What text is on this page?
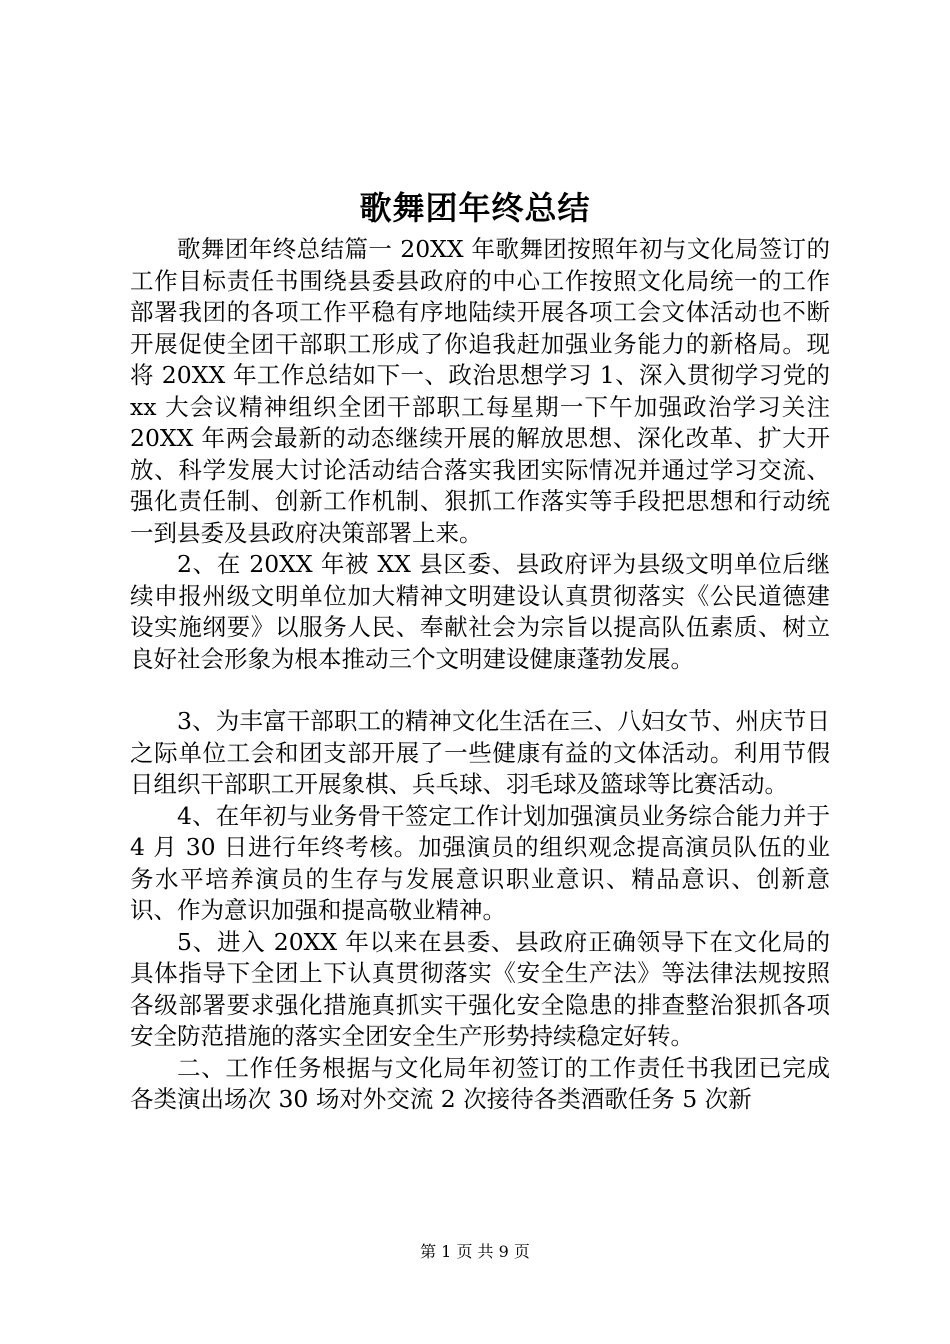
歌舞团年终总结

歌舞团年终总结篇一 20XX 年歌舞团按照年初与文化局签订的工作目标责任书围绕县委县政府的中心工作按照文化局统一的工作部署我团的各项工作平稳有序地陆续开展各项工会文体活动也不断开展促使全团干部职工形成了你追我赶加强业务能力的新格局。现将 20XX 年工作总结如下一、政治思想学习 1、深入贯彻学习党的 xx 大会议精神组织全团干部职工每星期一下午加强政治学习关注 20XX 年两会最新的动态继续开展的解放思想、深化改革、扩大开放、科学发展大讨论活动结合落实我团实际情况并通过学习交流、强化责任制、创新工作机制、狠抓工作落实等手段把思想和行动统一到县委及县政府决策部署上来。

2、在 20XX 年被 XX 县区委、县政府评为县级文明单位后继续申报州级文明单位加大精神文明建设认真贯彻落实《公民道德建设实施纲要》以服务人民、奉献社会为宗旨以提高队伍素质、树立良好社会形象为根本推动三个文明建设健康蓬勃发展。

3、为丰富干部职工的精神文化生活在三、八妇女节、州庆节日之际单位工会和团支部开展了一些健康有益的文体活动。利用节假日组织干部职工开展象棋、兵乓球、羽毛球及篮球等比赛活动。

4、在年初与业务骨干签定工作计划加强演员业务综合能力并于 4 月 30 日进行年终考核。加强演员的组织观念提高演员队伍的业务水平培养演员的生存与发展意识职业意识、精品意识、创新意识、作为意识加强和提高敬业精神。

5、进入 20XX 年以来在县委、县政府正确领导下在文化局的具体指导下全团上下认真贯彻落实《安全生产法》等法律法规按照各级部署要求强化措施真抓实干强化安全隐患的排查整治狠抓各项安全防范措施的落实全团安全生产形势持续稳定好转。

二、工作任务根据与文化局年初签订的工作责任书我团已完成各类演出场次 30 场对外交流 2 次接待各类酒歌任务 5 次新

第 1 页 共 9 页
